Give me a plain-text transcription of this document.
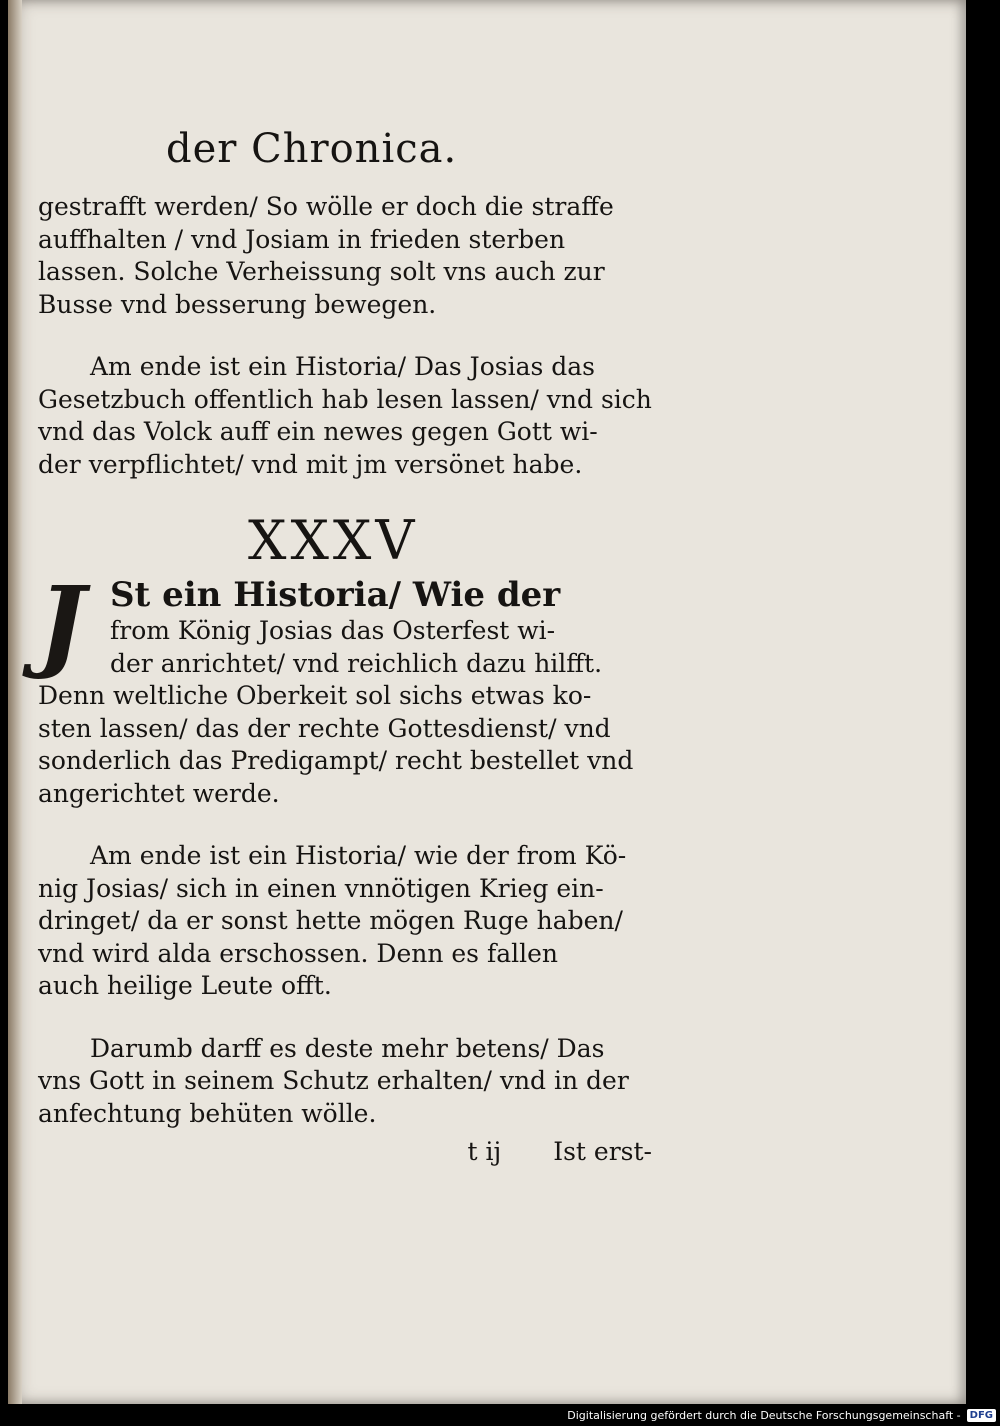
der Chronica.

gestrafft werden/ So wölle er doch die straffe

auffhalten / vnd Josiam in frieden sterben

lassen. Solche Verheissung solt vns auch zur

Busse vnd besserung bewegen.

Am ende ist ein Historia/ Das Josias das

Gesetzbuch offentlich hab lesen lassen/ vnd sich

vnd das Volck auff ein newes gegen Gott wi-

der verpflichtet/ vnd mit jm versönet habe.

XXXV
J St ein Historia/ Wie der

from König Josias das Osterfest wi-

der anrichtet/ vnd reichlich dazu hilfft.

Denn weltliche Oberkeit sol sichs etwas ko-

sten lassen/ das der rechte Gottesdienst/ vnd

sonderlich das Predigampt/ recht bestellet vnd

angerichtet werde.

Am ende ist ein Historia/ wie der from Kö-

nig Josias/ sich in einen vnnötigen Krieg ein-

dringet/ da er sonst hette mögen Ruge haben/

vnd wird alda erschossen. Denn es fallen

auch heilige Leute offt.

Darumb darff es deste mehr betens/ Das

vns Gott in seinem Schutz erhalten/ vnd in der

anfechtung behüten wölle.

t ij Ist erst-
Digitalisierung gefördert durch die Deutsche Forschungsgemeinschaft - DFG
